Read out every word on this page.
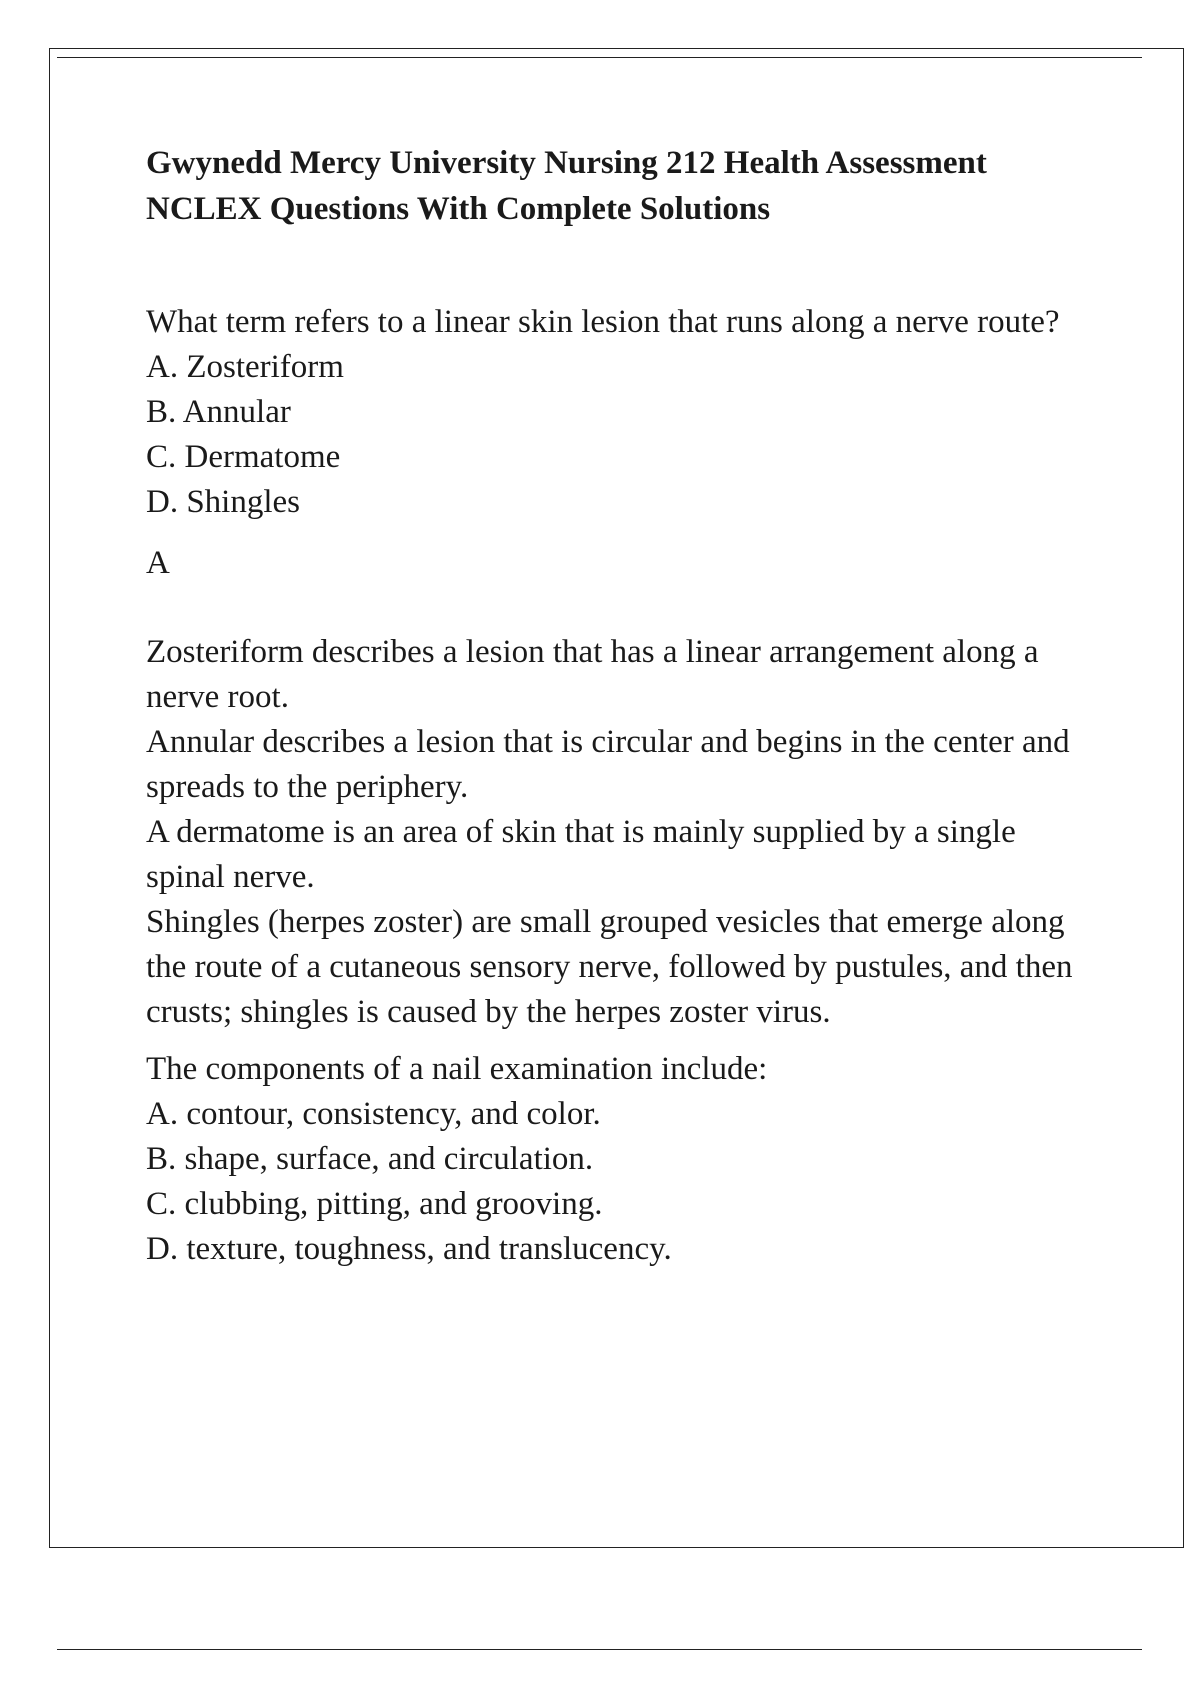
Gwynedd Mercy University Nursing 212 Health Assessment NCLEX Questions With Complete Solutions

What term refers to a linear skin lesion that runs along a nerve route?

A. Zosteriform
B. Annular
C. Dermatome
D. Shingles

A

Zosteriform describes a lesion that has a linear arrangement along a nerve root.

Annular describes a lesion that is circular and begins in the center and spreads to the periphery.

A dermatome is an area of skin that is mainly supplied by a single spinal nerve.

Shingles (herpes zoster) are small grouped vesicles that emerge along the route of a cutaneous sensory nerve, followed by pustules, and then crusts; shingles is caused by the herpes zoster virus.

The components of a nail examination include:

A. contour, consistency, and color.
B. shape, surface, and circulation.
C. clubbing, pitting, and grooving.
D. texture, toughness, and translucency.
